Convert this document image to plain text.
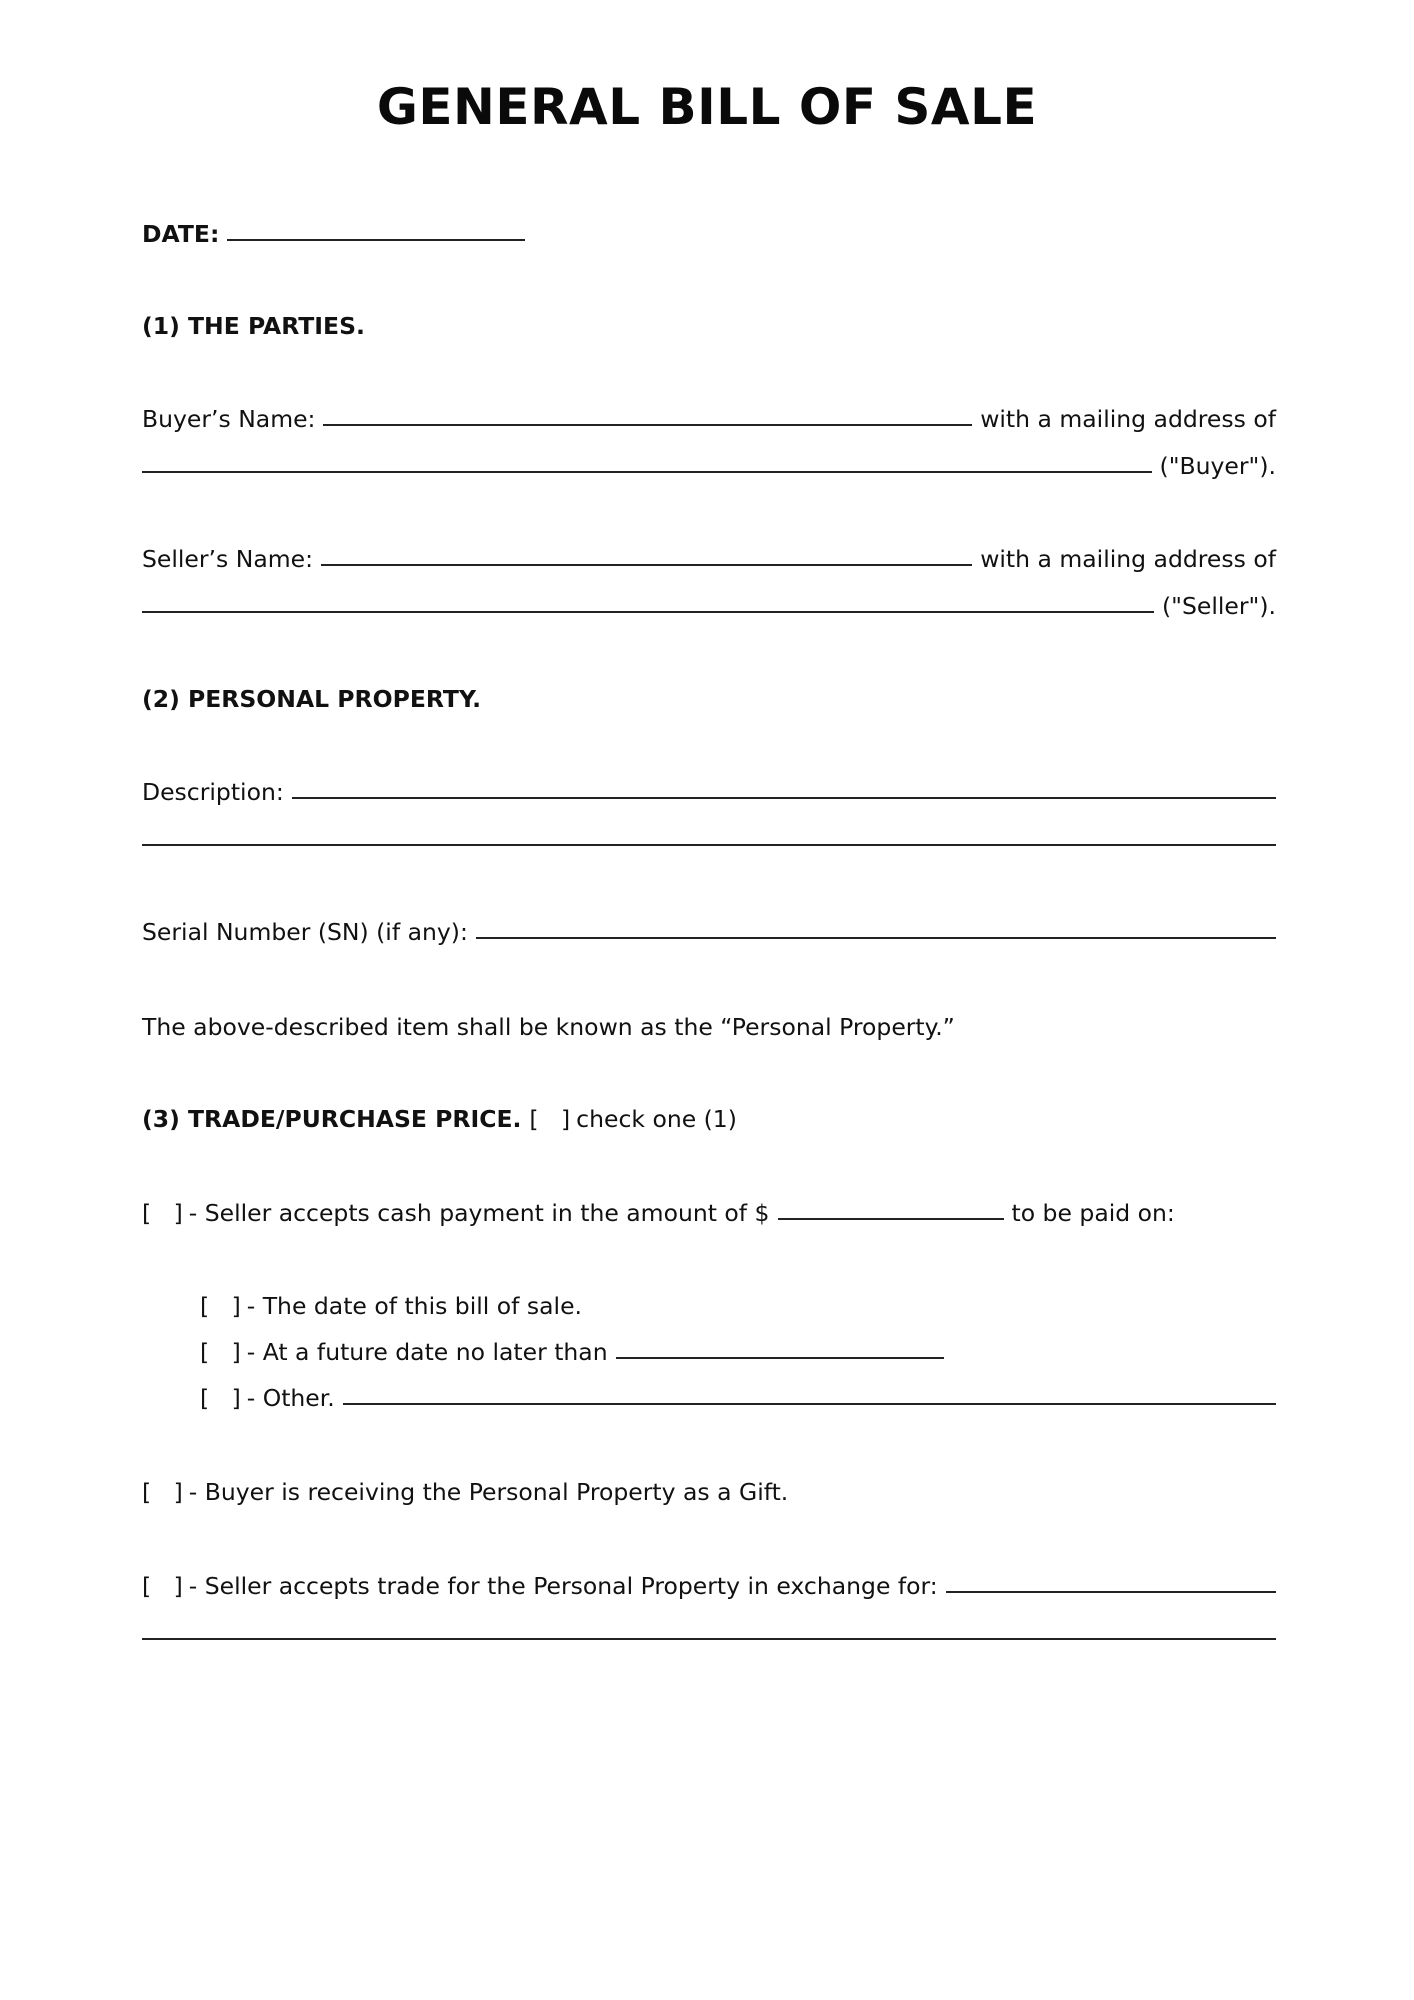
GENERAL BILL OF SALE
DATE:
(1) THE PARTIES.
Buyer’s Name:	with a mailing address of
("Buyer").
Seller’s Name:	with a mailing address of
("Seller").
(2) PERSONAL PROPERTY.
Description:
Serial Number (SN) (if any):
The above-described item shall be known as the “Personal Property.”
(3) TRADE/PURCHASE PRICE. [   ] check one (1)
[   ] - Seller accepts cash payment in the amount of $	to be paid on:
[   ] - The date of this bill of sale.
[   ] - At a future date no later than
[   ] - Other.
[   ] - Buyer is receiving the Personal Property as a Gift.
[   ] - Seller accepts trade for the Personal Property in exchange for:
